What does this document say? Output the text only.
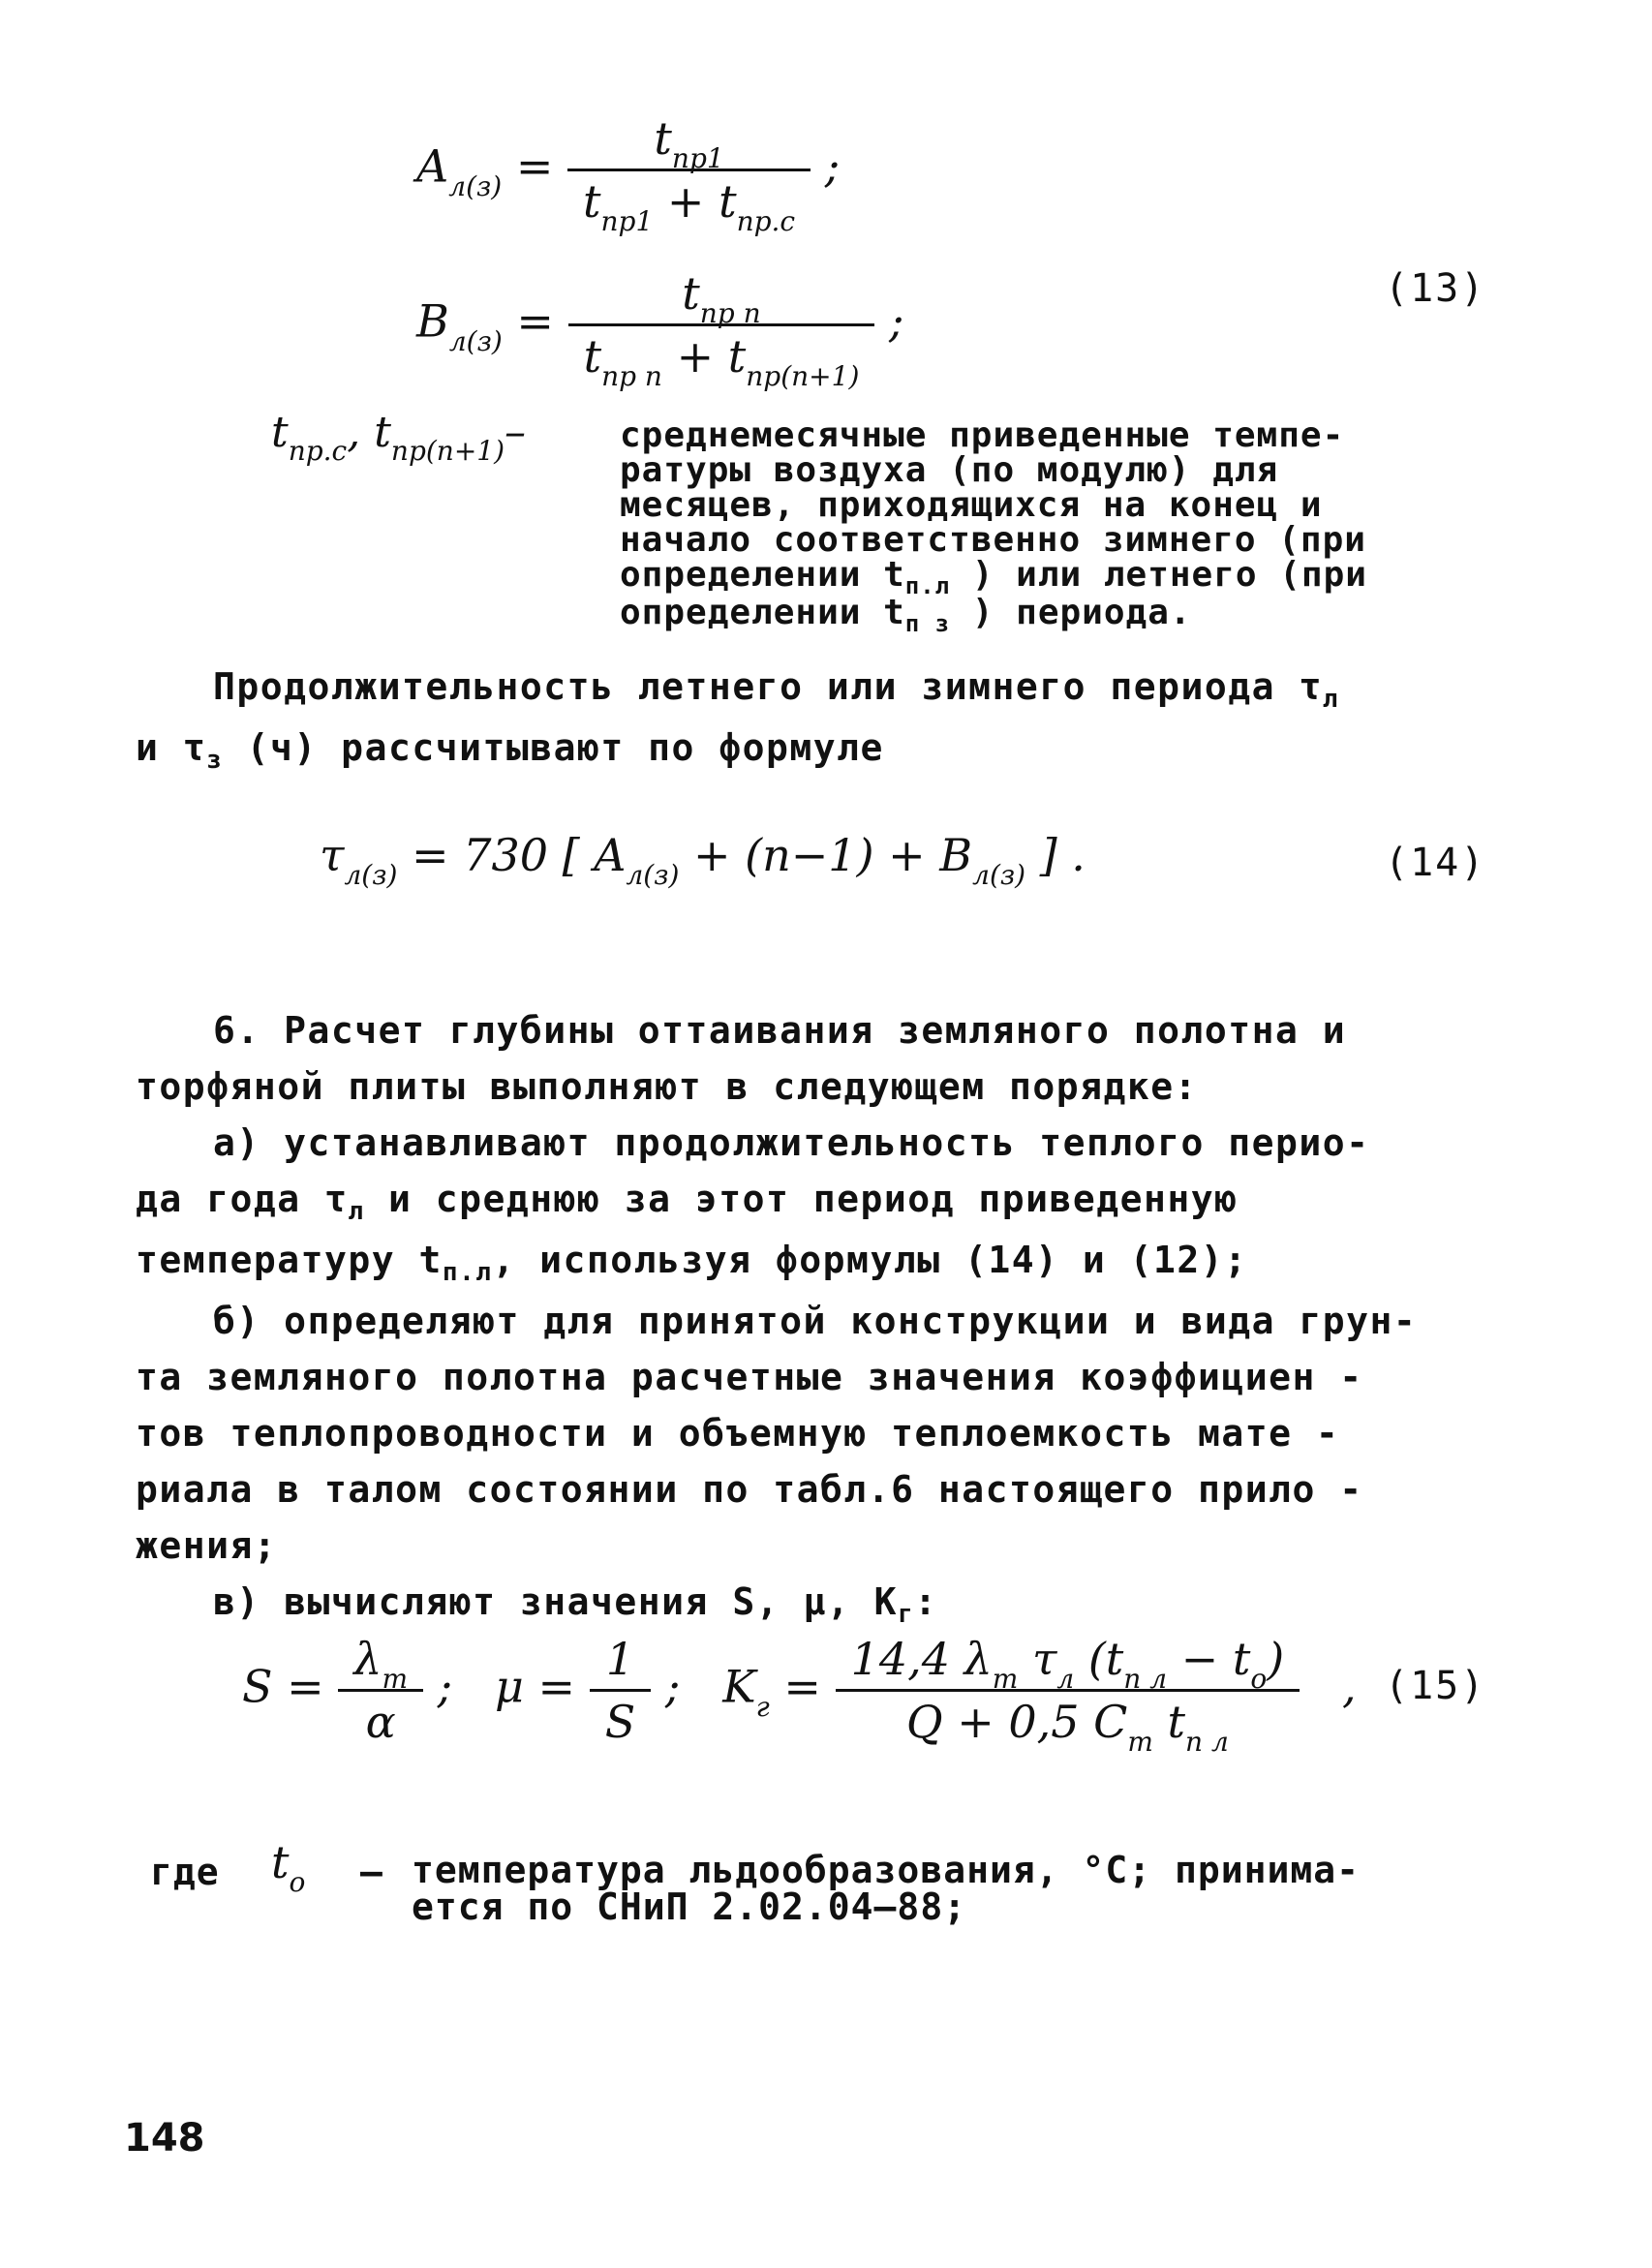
$A_{л(з)} = \frac{t_{пр1}}{t_{пр1} + t_{пр.с}}$ ;
$B_{л(з)} = \frac{t_{пр n}}{t_{пр n} + t_{пр(n+1)}}$ ;
(13)
$t_{пр.с}$, $t_{пр(n+1)}-$	среднемесячные приведенные темпе-
ратуры воздуха (по модулю) для
месяцев, приходящихся на конец и
начало соответственно зимнего (при
определении $t_{п.л}$ ) или летнего (при
определении $t_{п з}$ ) периода.
Продолжительность летнего или зимнего периода $\tau_л$
и $\tau_з$ (ч) рассчитывают по формуле
$\tau_{л(з)} = 730$ [ $A_{л(з)} + (n-1) + B_{л(з)}$ ] .	(14)
6. Расчет глубины оттаивания земляного полотна и
торфяной плиты выполняют в следующем порядке:
а) устанавливают продолжительность теплого перио-
да года $\tau_л$ и среднюю за этот период приведенную
температуру $t_{п.л}$, используя формулы (14) и (12);
б) определяют для принятой конструкции и вида грун-
та земляного полотна расчетные значения коэффициен -
тов теплопроводности и объемную теплоемкость мате -
риала в талом состоянии по табл.6 настоящего прило -
жения;
в) вычисляют значения S, μ, $K_г$:
$S = \frac{\lambda_т}{\alpha}$ ; $\mu = \frac{1}{S}$ ; $K_г = \frac{14,4 \lambda_т \tau_л (t_{п л} - t_o)}{Q + 0,5 C_т t_{п л}}$ , (15)
где $t_o$ – температура льдообразования, °C; принима-
ется по СНиП 2.02.04–88;
148
